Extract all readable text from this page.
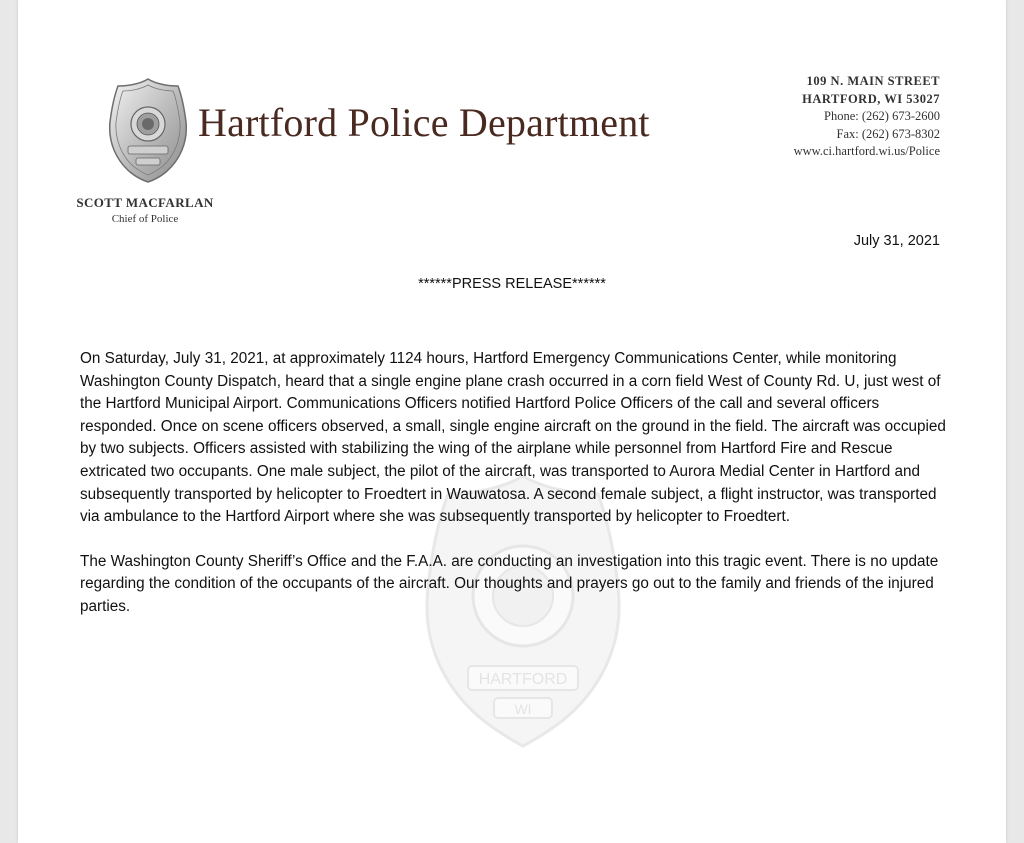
Hartford Police Department
109 N. MAIN STREET
HARTFORD, WI 53027
Phone: (262) 673-2600
Fax: (262) 673-8302
www.ci.hartford.wi.us/Police
SCOTT MACFARLAN
Chief of Police
July 31, 2021
******PRESS RELEASE******
HARTFORD
WI

On Saturday, July 31, 2021, at approximately 1124 hours, Hartford Emergency Communications Center, while monitoring Washington County Dispatch, heard that a single engine plane crash occurred in a corn field West of County Rd. U, just west of the Hartford Municipal Airport. Communications Officers notified Hartford Police Officers of the call and several officers responded. Once on scene officers observed, a small, single engine aircraft on the ground in the field. The aircraft was occupied by two subjects. Officers assisted with stabilizing the wing of the airplane while personnel from Hartford Fire and Rescue extricated two occupants. One male subject, the pilot of the aircraft, was transported to Aurora Medial Center in Hartford and subsequently transported by helicopter to Froedtert in Wauwatosa. A second female subject, a flight instructor, was transported via ambulance to the Hartford Airport where she was subsequently transported by helicopter to Froedtert.

The Washington County Sheriff’s Office and the F.A.A. are conducting an investigation into this tragic event. There is no update regarding the condition of the occupants of the aircraft. Our thoughts and prayers go out to the family and friends of the injured parties.
